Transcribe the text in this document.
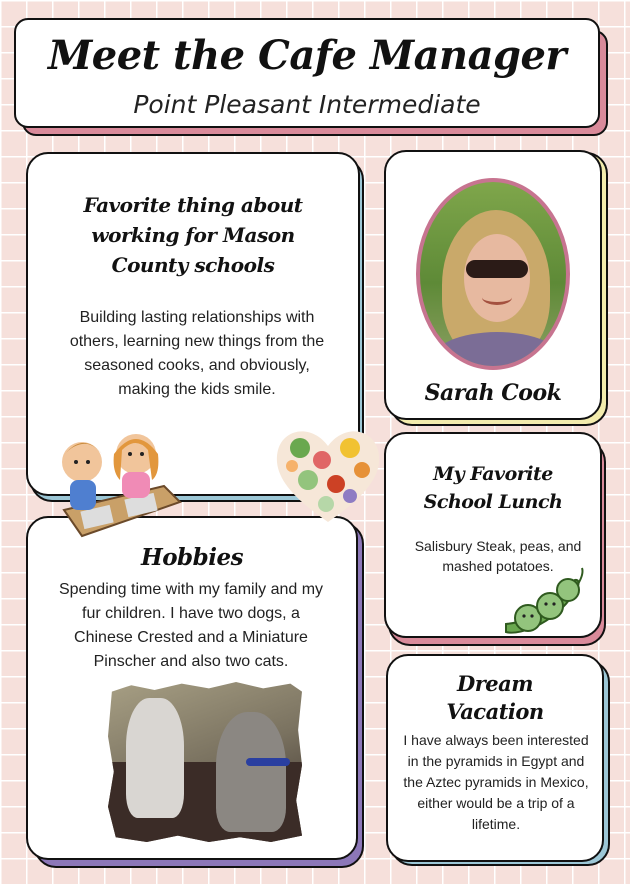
Meet the Cafe Manager
Point Pleasant Intermediate
Favorite thing about
working for Mason
County schools
Building lasting relationships with others, learning new things from the seasoned cooks, and obviously, making the kids smile.	Sarah Cook
My Favorite
School Lunch
Salisbury Steak, peas, and mashed potatoes.
Hobbies
Spending time with my family and my fur children. I have two dogs, a Chinese Crested and a Miniature Pinscher and also two cats.
Dream
Vacation
I have always been interested in the pyramids in Egypt and the Aztec pyramids in Mexico, either would be a trip of a lifetime.
